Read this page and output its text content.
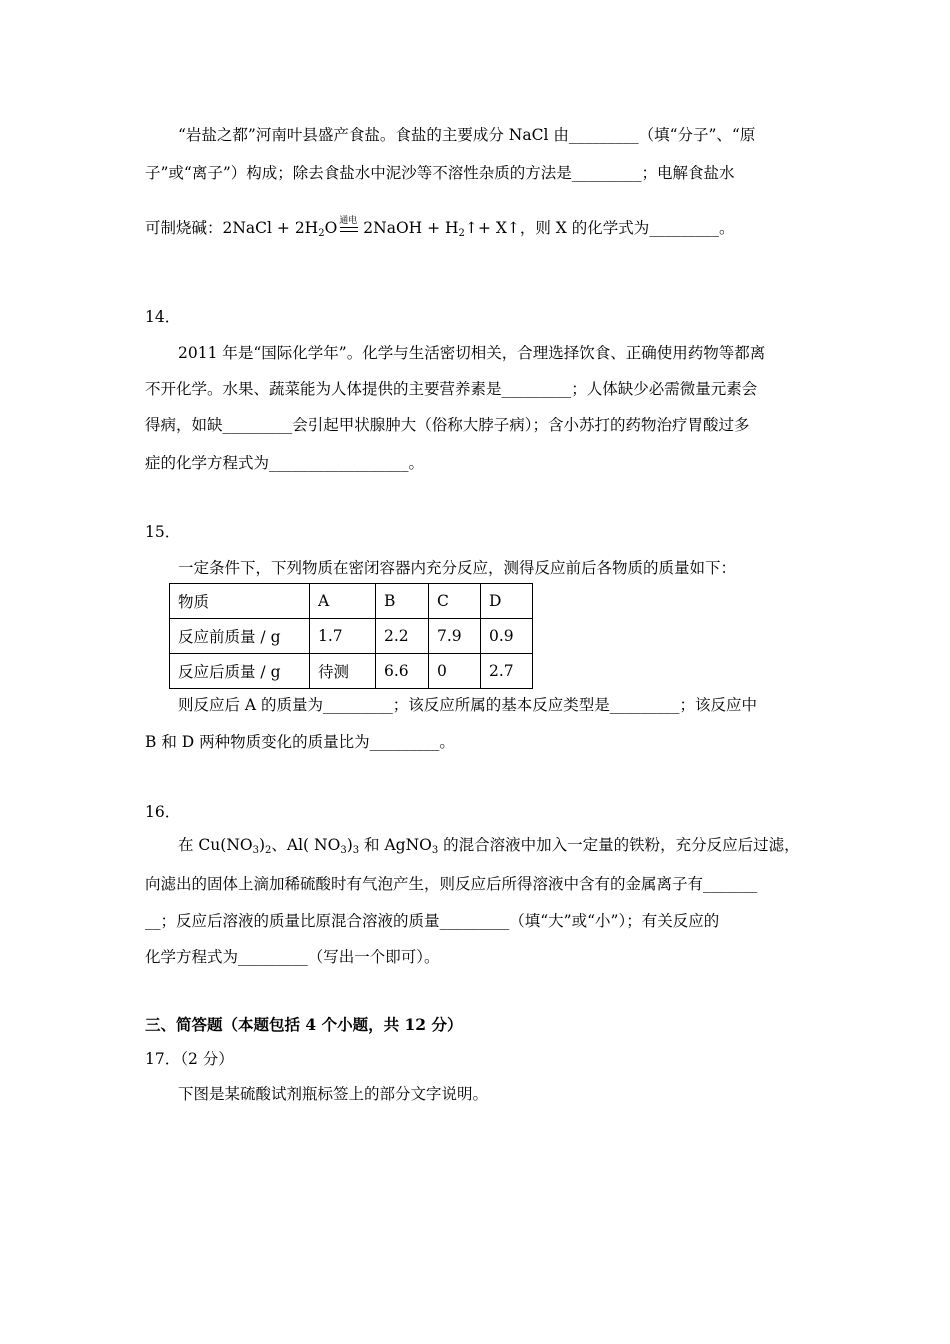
“岩盐之都”河南叶县盛产食盐。食盐的主要成分 NaCl 由_________（填“分子”、“原
子”或“离子”）构成；除去食盐水中泥沙等不溶性杂质的方法是_________；电解食盐水
可制烧碱：2NaCl + $2H_2O$ 通电 2NaOH + $H_2↑+$ X↑，则 X 的化学式为_________。
14．
2011 年是“国际化学年”。化学与生活密切相关，合理选择饮食、正确使用药物等都离
不开化学。水果、蔬菜能为人体提供的主要营养素是_________；人体缺少必需微量元素会
得病，如缺_________会引起甲状腺肿大（俗称大脖子病）；含小苏打的药物治疗胃酸过多
症的化学方程式为__________________。
15．
一定条件下，下列物质在密闭容器内充分反应，测得反应前后各物质的质量如下：
物质	A	B	C	D
反应前质量 / g	1.7	2.2	7.9	0.9
反应后质量 / g	待测	6.6	0	2.7
则反应后 A 的质量为_________；该反应所属的基本反应类型是_________；该反应中
B 和 D 两种物质变化的质量比为_________。
16．
在 $Cu(NO_3)_2$、Al( $NO_3)_3$ 和 AgNO$_3$ 的混合溶液中加入一定量的铁粉，充分反应后过滤，
向滤出的固体上滴加稀硫酸时有气泡产生，则反应后所得溶液中含有的金属离子有_______
__；反应后溶液的质量比原混合溶液的质量_________（填“大”或“小”）；有关反应的
化学方程式为_________（写出一个即可）。
三、简答题（本题包括 4 个小题，共 12 分）
17．（2 分）
下图是某硫酸试剂瓶标签上的部分文字说明。
